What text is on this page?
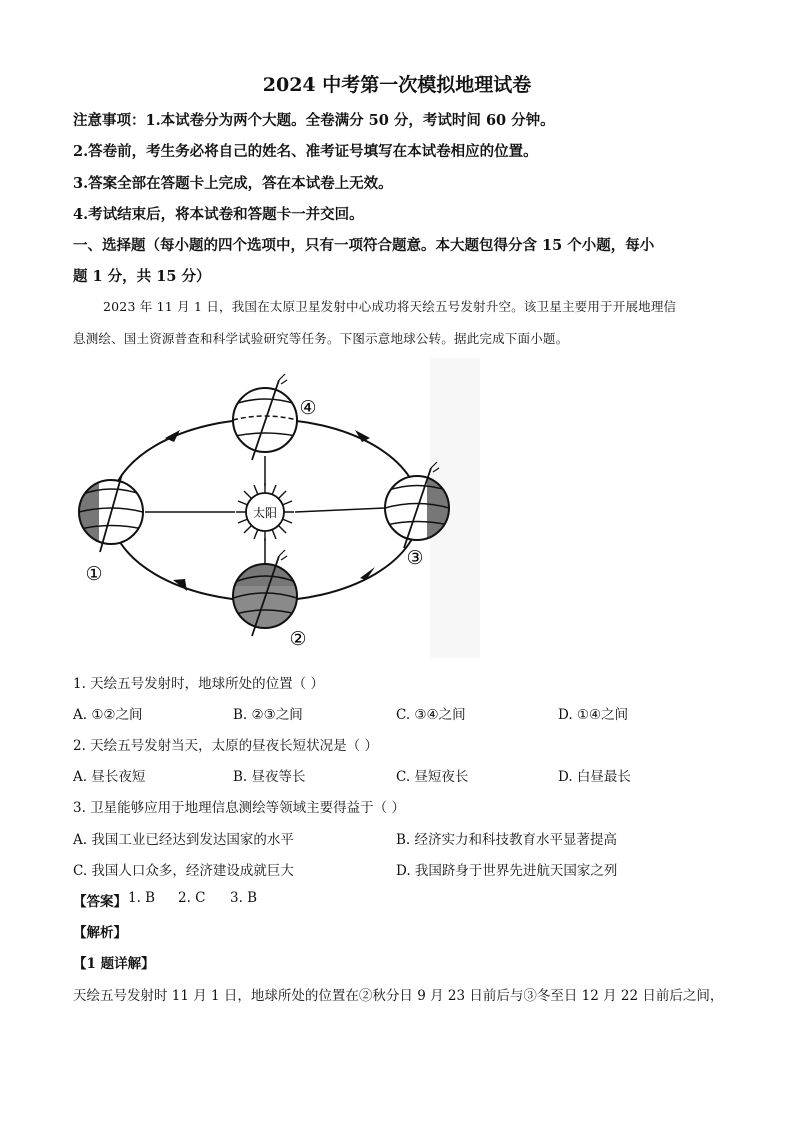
2024 中考第一次模拟地理试卷
注意事项：1.本试卷分为两个大题。全卷满分 50 分，考试时间 60 分钟。
2.答卷前，考生务必将自己的姓名、准考证号填写在本试卷相应的位置。
3.答案全部在答题卡上完成，答在本试卷上无效。
4.考试结束后，将本试卷和答题卡一并交回。
一、选择题（每小题的四个选项中，只有一项符合题意。本大题包得分含 15 个小题，每小
题 1 分，共 15 分）
2023 年 11 月 1 日，我国在太原卫星发射中心成功将天绘五号发射升空。该卫星主要用于开展地理信
息测绘、国土资源普查和科学试验研究等任务。下图示意地球公转。据此完成下面小题。
太阳
①
②
③
④
1. 天绘五号发射时，地球所处的位置（ ）
A. ①②之间	B. ②③之间	C. ③④之间	D. ①④之间
2. 天绘五号发射当天，太原的昼夜长短状况是（ ）
A. 昼长夜短	B. 昼夜等长	C. 昼短夜长	D. 白昼最长
3. 卫星能够应用于地理信息测绘等领域主要得益于（ ）
A. 我国工业已经达到发达国家的水平	B. 经济实力和科技教育水平显著提高
C. 我国人口众多，经济建设成就巨大	D. 我国跻身于世界先进航天国家之列
【答案】 1. B 2. C 3. B
【解析】
【1 题详解】
天绘五号发射时 11 月 1 日，地球所处的位置在②秋分日 9 月 23 日前后与③冬至日 12 月 22 日前后之间，
